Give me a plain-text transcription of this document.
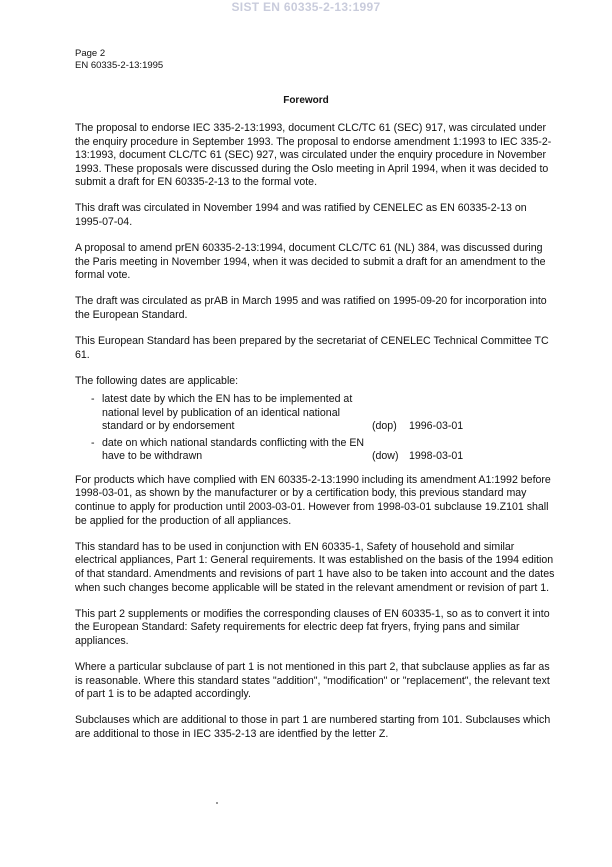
SIST EN 60335-2-13:1997
Page 2
EN 60335-2-13:1995
Foreword

The proposal to endorse IEC 335-2-13:1993, document CLC/TC 61 (SEC) 917, was circulated under the enquiry procedure in September 1993. The proposal to endorse amendment 1:1993 to IEC 335-2-13:1993, document CLC/TC 61 (SEC) 927, was circulated under the enquiry procedure in November 1993. These proposals were discussed during the Oslo meeting in April 1994, when it was decided to submit a draft for EN 60335-2-13 to the formal vote.

This draft was circulated in November 1994 and was ratified by CENELEC as EN 60335-2-13 on 1995-07-04.

A proposal to amend prEN 60335-2-13:1994, document CLC/TC 61 (NL) 384, was discussed during the Paris meeting in November 1994, when it was decided to submit a draft for an amendment to the formal vote.

The draft was circulated as prAB in March 1995 and was ratified on 1995-09-20 for incorporation into the European Standard.

This European Standard has been prepared by the secretariat of CENELEC Technical Committee TC 61.

The following dates are applicable:

- latest date by which the EN has to be implemented at national level by publication of an identical national standard or by endorsement	(dop)	1996-03-01
- date on which national standards conflicting with the EN have to be withdrawn	(dow) 1998-03-01

For products which have complied with EN 60335-2-13:1990 including its amendment A1:1992 before 1998-03-01, as shown by the manufacturer or by a certification body, this previous standard may continue to apply for production until 2003-03-01. However from 1998-03-01 subclause 19.Z101 shall be applied for the production of all appliances.

This standard has to be used in conjunction with EN 60335-1, Safety of household and similar electrical appliances, Part 1: General requirements. It was established on the basis of the 1994 edition of that standard. Amendments and revisions of part 1 have also to be taken into account and the dates when such changes become applicable will be stated in the relevant amendment or revision of part 1.

This part 2 supplements or modifies the corresponding clauses of EN 60335-1, so as to convert it into the European Standard: Safety requirements for electric deep fat fryers, frying pans and similar appliances.

Where a particular subclause of part 1 is not mentioned in this part 2, that subclause applies as far as is reasonable. Where this standard states "addition", "modification" or "replacement", the relevant text of part 1 is to be adapted accordingly.

Subclauses which are additional to those in part 1 are numbered starting from 101. Subclauses which are additional to those in IEC 335-2-13 are identfied by the letter Z.
